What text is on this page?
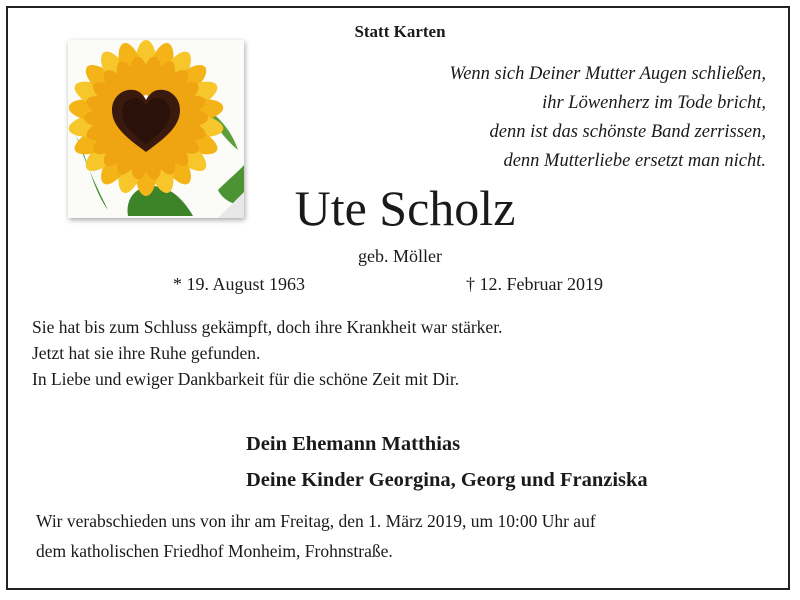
Statt Karten
Wenn sich Deiner Mutter Augen schließen,
ihr Löwenherz im Tode bricht,
denn ist das schönste Band zerrissen,
denn Mutterliebe ersetzt man nicht.
Ute Scholz
geb. Möller
* 19. August 1963	† 12. Februar 2019
Sie hat bis zum Schluss gekämpft, doch ihre Krankheit war stärker.
Jetzt hat sie ihre Ruhe gefunden.
In Liebe und ewiger Dankbarkeit für die schöne Zeit mit Dir.
Dein Ehemann Matthias
Deine Kinder Georgina, Georg und Franziska
Wir verabschieden uns von ihr am Freitag, den 1. März 2019, um 10:00 Uhr auf
dem katholischen Friedhof Monheim, Frohnstraße.
